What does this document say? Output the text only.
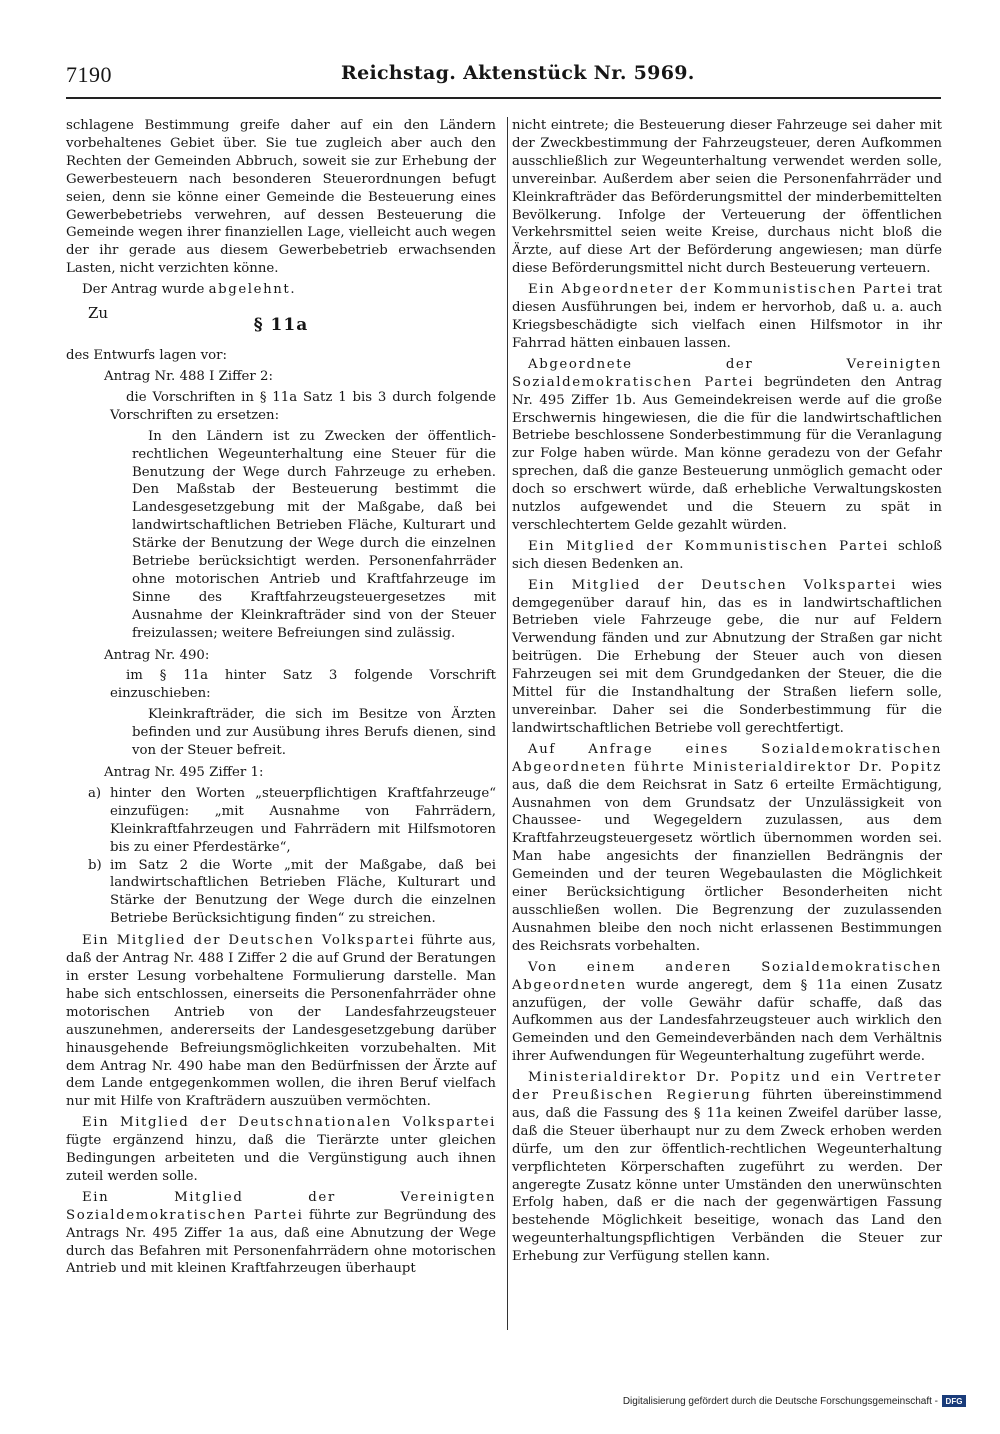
7190	Reichstag. Aktenstück Nr. 5969.

schlagene Bestimmung greife daher auf ein den Ländern vorbehaltenes Gebiet über. Sie tue zugleich aber auch den Rechten der Gemeinden Abbruch, soweit sie zur Erhebung der Gewerbesteuern nach besonderen Steuerordnungen befugt seien, denn sie könne einer Gemeinde die Besteuerung eines Gewerbebetriebs verwehren, auf dessen Besteuerung die Gemeinde wegen ihrer finanziellen Lage, vielleicht auch wegen der ihr gerade aus diesem Gewerbebetrieb erwachsenden Lasten, nicht verzichten könne.

Der Antrag wurde abgelehnt.

Zu
§ 11a

des Entwurfs lagen vor:

Antrag Nr. 488 I Ziffer 2:

die Vorschriften in § 11a Satz 1 bis 3 durch folgende Vorschriften zu ersetzen:

In den Ländern ist zu Zwecken der öffentlich-rechtlichen Wegeunterhaltung eine Steuer für die Benutzung der Wege durch Fahrzeuge zu erheben. Den Maßstab der Besteuerung bestimmt die Landesgesetzgebung mit der Maßgabe, daß bei landwirtschaftlichen Betrieben Fläche, Kulturart und Stärke der Benutzung der Wege durch die einzelnen Betriebe berücksichtigt werden. Personenfahrräder ohne motorischen Antrieb und Kraftfahrzeuge im Sinne des Kraftfahrzeugsteuergesetzes mit Ausnahme der Kleinkrafträder sind von der Steuer freizulassen; weitere Befreiungen sind zulässig.

Antrag Nr. 490:

im § 11a hinter Satz 3 folgende Vorschrift einzuschieben:

Kleinkrafträder, die sich im Besitze von Ärzten befinden und zur Ausübung ihres Berufs dienen, sind von der Steuer befreit.

Antrag Nr. 495 Ziffer 1:

a) hinter den Worten „steuerpflichtigen Kraftfahrzeuge“ einzufügen: „mit Ausnahme von Fahrrädern, Kleinkraftfahrzeugen und Fahrrädern mit Hilfsmotoren bis zu einer Pferdestärke“,
b) im Satz 2 die Worte „mit der Maßgabe, daß bei landwirtschaftlichen Betrieben Fläche, Kulturart und Stärke der Benutzung der Wege durch die einzelnen Betriebe Berücksichtigung finden“ zu streichen.

Ein Mitglied der Deutschen Volkspartei führte aus, daß der Antrag Nr. 488 I Ziffer 2 die auf Grund der Beratungen in erster Lesung vorbehaltene Formulierung darstelle. Man habe sich entschlossen, einerseits die Personenfahrräder ohne motorischen Antrieb von der Landesfahrzeugsteuer auszunehmen, andererseits der Landesgesetzgebung darüber hinausgehende Befreiungsmöglichkeiten vorzubehalten. Mit dem Antrag Nr. 490 habe man den Bedürfnissen der Ärzte auf dem Lande entgegenkommen wollen, die ihren Beruf vielfach nur mit Hilfe von Krafträdern auszuüben vermöchten.

Ein Mitglied der Deutschnationalen Volkspartei fügte ergänzend hinzu, daß die Tierärzte unter gleichen Bedingungen arbeiteten und die Vergünstigung auch ihnen zuteil werden solle.

Ein Mitglied der Vereinigten Sozialdemokratischen Partei führte zur Begründung des Antrags Nr. 495 Ziffer 1a aus, daß eine Abnutzung der Wege durch das Befahren mit Personenfahrrädern ohne motorischen Antrieb und mit kleinen Kraftfahrzeugen überhaupt

nicht eintrete; die Besteuerung dieser Fahrzeuge sei daher mit der Zweckbestimmung der Fahrzeugsteuer, deren Aufkommen ausschließlich zur Wegeunterhaltung verwendet werden solle, unvereinbar. Außerdem aber seien die Personenfahrräder und Kleinkrafträder das Beförderungsmittel der minderbemittelten Bevölkerung. Infolge der Verteuerung der öffentlichen Verkehrsmittel seien weite Kreise, durchaus nicht bloß die Ärzte, auf diese Art der Beförderung angewiesen; man dürfe diese Beförderungsmittel nicht durch Besteuerung verteuern.

Ein Abgeordneter der Kommunistischen Partei trat diesen Ausführungen bei, indem er hervorhob, daß u. a. auch Kriegsbeschädigte sich vielfach einen Hilfsmotor in ihr Fahrrad hätten einbauen lassen.

Abgeordnete der Vereinigten Sozialdemokratischen Partei begründeten den Antrag Nr. 495 Ziffer 1b. Aus Gemeindekreisen werde auf die große Erschwernis hingewiesen, die die für die landwirtschaftlichen Betriebe beschlossene Sonderbestimmung für die Veranlagung zur Folge haben würde. Man könne geradezu von der Gefahr sprechen, daß die ganze Besteuerung unmöglich gemacht oder doch so erschwert würde, daß erhebliche Verwaltungskosten nutzlos aufgewendet und die Steuern zu spät in verschlechtertem Gelde gezahlt würden.

Ein Mitglied der Kommunistischen Partei schloß sich diesen Bedenken an.

Ein Mitglied der Deutschen Volkspartei wies demgegenüber darauf hin, das es in landwirtschaftlichen Betrieben viele Fahrzeuge gebe, die nur auf Feldern Verwendung fänden und zur Abnutzung der Straßen gar nicht beitrügen. Die Erhebung der Steuer auch von diesen Fahrzeugen sei mit dem Grundgedanken der Steuer, die die Mittel für die Instandhaltung der Straßen liefern solle, unvereinbar. Daher sei die Sonderbestimmung für die landwirtschaftlichen Betriebe voll gerechtfertigt.

Auf Anfrage eines Sozialdemokratischen Abgeordneten führte Ministerialdirektor Dr. Popitz aus, daß die dem Reichsrat in Satz 6 erteilte Ermächtigung, Ausnahmen von dem Grundsatz der Unzulässigkeit von Chaussee- und Wegegeldern zuzulassen, aus dem Kraftfahrzeugsteuergesetz wörtlich übernommen worden sei. Man habe angesichts der finanziellen Bedrängnis der Gemeinden und der teuren Wegebaulasten die Möglichkeit einer Berücksichtigung örtlicher Besonderheiten nicht ausschließen wollen. Die Begrenzung der zuzulassenden Ausnahmen bleibe den noch nicht erlassenen Bestimmungen des Reichsrats vorbehalten.

Von einem anderen Sozialdemokratischen Abgeordneten wurde angeregt, dem § 11a einen Zusatz anzufügen, der volle Gewähr dafür schaffe, daß das Aufkommen aus der Landesfahrzeugsteuer auch wirklich den Gemeinden und den Gemeindeverbänden nach dem Verhältnis ihrer Aufwendungen für Wegeunterhaltung zugeführt werde.

Ministerialdirektor Dr. Popitz und ein Vertreter der Preußischen Regierung führten übereinstimmend aus, daß die Fassung des § 11a keinen Zweifel darüber lasse, daß die Steuer überhaupt nur zu dem Zweck erhoben werden dürfe, um den zur öffentlich-rechtlichen Wegeunterhaltung verpflichteten Körperschaften zugeführt zu werden. Der angeregte Zusatz könne unter Umständen den unerwünschten Erfolg haben, daß er die nach der gegenwärtigen Fassung bestehende Möglichkeit beseitige, wonach das Land den wegeunterhaltungspflichtigen Verbänden die Steuer zur Erhebung zur Verfügung stellen kann.

Digitalisierung gefördert durch die Deutsche Forschungsgemeinschaft - DFG
